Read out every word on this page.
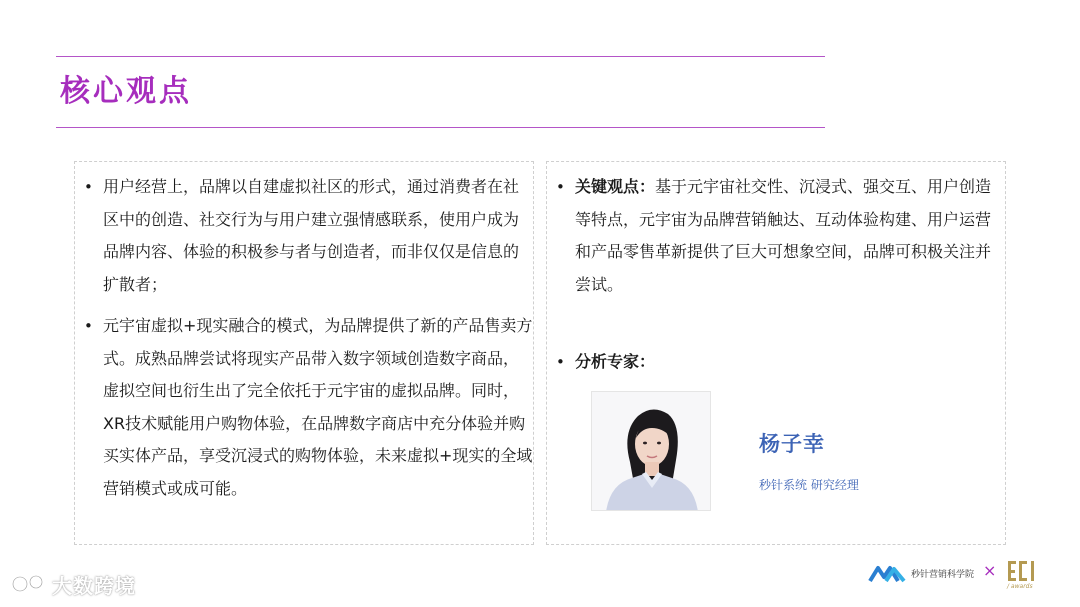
核心观点
• 用户经营上，品牌以自建虚拟社区的形式，通过消费者在社区中的创造、社交行为与用户建立强情感联系，使用户成为品牌内容、体验的积极参与者与创造者，而非仅仅是信息的扩散者；
• 元宇宙虚拟+现实融合的模式，为品牌提供了新的产品售卖方式。成熟品牌尝试将现实产品带入数字领域创造数字商品，虚拟空间也衍生出了完全依托于元宇宙的虚拟品牌。同时，XR技术赋能用户购物体验，在品牌数字商店中充分体验并购买实体产品，享受沉浸式的购物体验，未来虚拟+现实的全域营销模式或成可能。
• 关键观点：基于元宇宙社交性、沉浸式、强交互、用户创造等特点，元宇宙为品牌营销触达、互动体验构建、用户运营和产品零售革新提供了巨大可想象空间，品牌可积极关注并尝试。
• 分析专家：
杨子幸
秒针系统 研究经理
秒针营销科学院 ×
/ awards
大数跨境
